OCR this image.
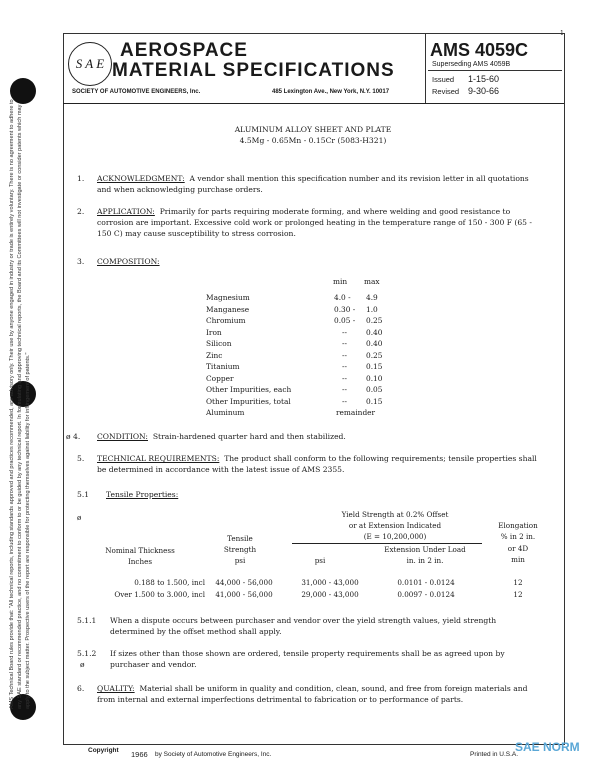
AMS Technical Board rules provide that: "All technical reports, including standards approved and practices recommended, are advisory only. Their use by anyone engaged in industry or trade is entirely voluntary. There is no agreement to adhere to any SAE standard or recommended practice, and no commitment to conform to or be guided by any technical report. In formulating and approving technical reports, the Board and its Committees will not investigate or consider patents which may apply to the subject matter. Prospective users of the report are responsible for protecting themselves against liability for infringement of patents."
1
S A E
AEROSPACE
MATERIAL SPECIFICATIONS
SOCIETY OF AUTOMOTIVE ENGINEERS, Inc.	485 Lexington Ave., New York, N.Y. 10017
AMS 4059C
Superseding AMS 4059B
Issued 1-15-60
Revised 9-30-66
ALUMINUM ALLOY SHEET AND PLATE
4.5Mg - 0.65Mn - 0.15Cr (5083-H321)
1. ACKNOWLEDGMENT: A vendor shall mention this specification number and its revision letter in all quotations and when acknowledging purchase orders.
2. APPLICATION: Primarily for parts requiring moderate forming, and where welding and good resistance to corrosion are important. Excessive cold work or prolonged heating in the temperature range of 150 - 300 F (65 - 150 C) may cause susceptibility to stress corrosion.
3. COMPOSITION:
min max
Magnesium	4.0 - 4.9
Manganese	0.30 - 1.0
Chromium	0.05 - 0.25
Iron	--	0.40
Silicon	--	0.40
Zinc	--	0.25
Titanium	--	0.15
Copper	--	0.10
Other Impurities, each	--	0.05
Other Impurities, total	--	0.15
Aluminum	remainder
ø 4. CONDITION: Strain-hardened quarter hard and then stabilized.
5. TECHNICAL REQUIREMENTS: The product shall conform to the following requirements; tensile properties shall be determined in accordance with the latest issue of AMS 2355.
5.1 Tensile Properties:
ø	Yield Strength at 0.2% Offset
or at Extension Indicated
(E = 10,200,000)
Elongation
% in 2 in.
or 4D
min
Tensile
Strength
psi
Nominal Thickness
Inches	psi
Extension Under Load
in. in 2 in.
0.188 to 1.500, incl	44,000 - 56,000	31,000 - 43,000	0.0101 - 0.0124	12
Over 1.500 to 3.000, incl	41,000 - 56,000	29,000 - 43,000	0.0097 - 0.0124	12
5.1.1 When a dispute occurs between purchaser and vendor over the yield strength values, yield strength determined by the offset method shall apply.
5.1.2
ø
If sizes other than those shown are ordered, tensile property requirements shall be as agreed upon by purchaser and vendor.
6. QUALITY: Material shall be uniform in quality and condition, clean, sound, and free from foreign materials and from internal and external imperfections detrimental to fabrication or to performance of parts.
Copyright 1966 by Society of Automotive Engineers, Inc.	Printed in U.S.A.
SAE NORM
